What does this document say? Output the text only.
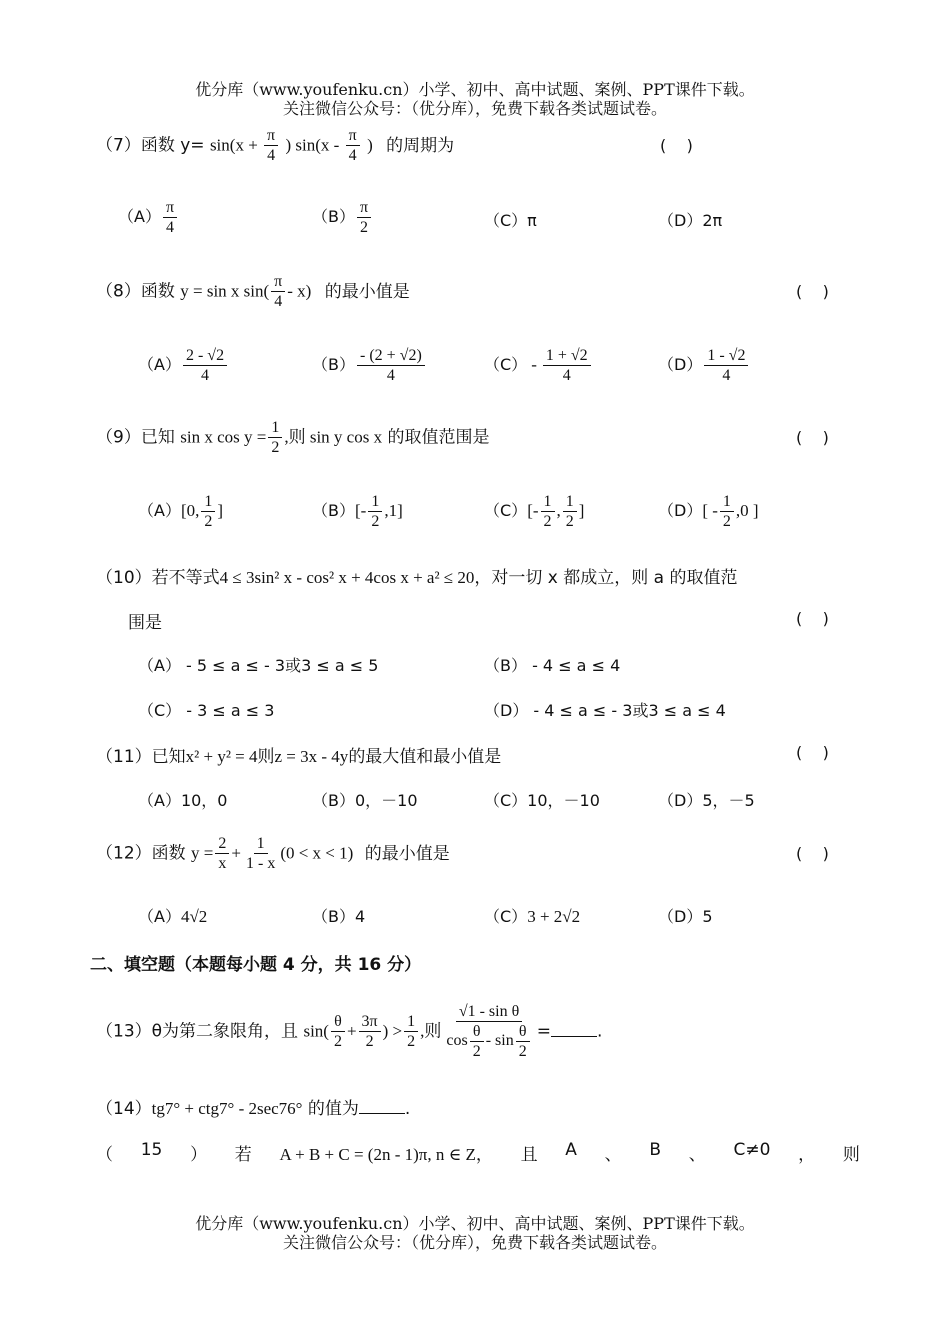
优分库（www.youfenku.cn）小学、初中、高中试题、案例、PPT课件下载。
关注微信公众号：（优分库），免费下载各类试题试卷。
（7）函数 $y= \sin(x + \frac{\pi}{4}$ ) $\sin(x - \frac{\pi}{4}$ ) 的周期为	(    )
$(A) \frac{\pi}{4}$	$(B) \frac{\pi}{2}$	（C）π	（D）2π
（8）函数 y = sin x $\sin( \frac{\pi}{4} - x)$ 的最小值是	(    )
$(A) \frac{2 - √2}{4}$	$(B) \frac{- (2 + √2)}{4}$	$(C) - \frac{1 + √2}{4}$	$(D) \frac{1 - √2}{4}$
（9）已知 sin x $\cos y = \frac{1}{2}$ ,则 sin y cos x 的取值范围是	(    )
（A）[0, $\frac{1}{2}$ ]	$(B)[- \frac{1}{2} ,1]$	$(C)[- \frac{1}{2}$ , $\frac{1}{2}$ ]	$(D)[ - \frac{1}{2} ,0$ ]
（10）若不等式4 ≤ 3sin² x - cos² x + 4cos x + a² ≤ 20，对一切 x 都成立，则 a 的取值范
围是	(    )
（A） - 5 ≤ a ≤ - 3或3 ≤ a ≤ 5	（B） - 4 ≤ a ≤ 4
（C） - 3 ≤ a ≤ 3	（D） - 4 ≤ a ≤ - 3或3 ≤ a ≤ 4
（11）已知x² + y² = 4则z = 3x - 4y的最大值和最小值是	(    )
（A）10，0	（B）0，－10	（C）10，－10	（D）5，－5
（12）函数 $y = \frac{2}{x} + \frac{1}{1 - x} (0 < x < 1)$ 的最小值是	(    )
（A）4√2	（B）4	（C）3 + 2√2	（D）5
二、填空题（本题每小题 4 分，共 16 分）
（13）θ为第二象限角，且 $\sin( \frac{\theta}{2} + \frac{3\pi}{2}$ ) > $\frac{1}{2}$ ,则 $\frac{\text{√1 - sin θ}}{\cos \frac{\theta}{2} - \sin \frac{\theta}{2}}$ =	.
（14）tg7° + ctg7° - 2sec76° 的值为	.
（ 15 ） 若 A + B + C = (2n - 1)π, n ∈ Z， 且 A 、 B 、 C≠0 ， 则
优分库（www.youfenku.cn）小学、初中、高中试题、案例、PPT课件下载。
关注微信公众号：（优分库），免费下载各类试题试卷。
